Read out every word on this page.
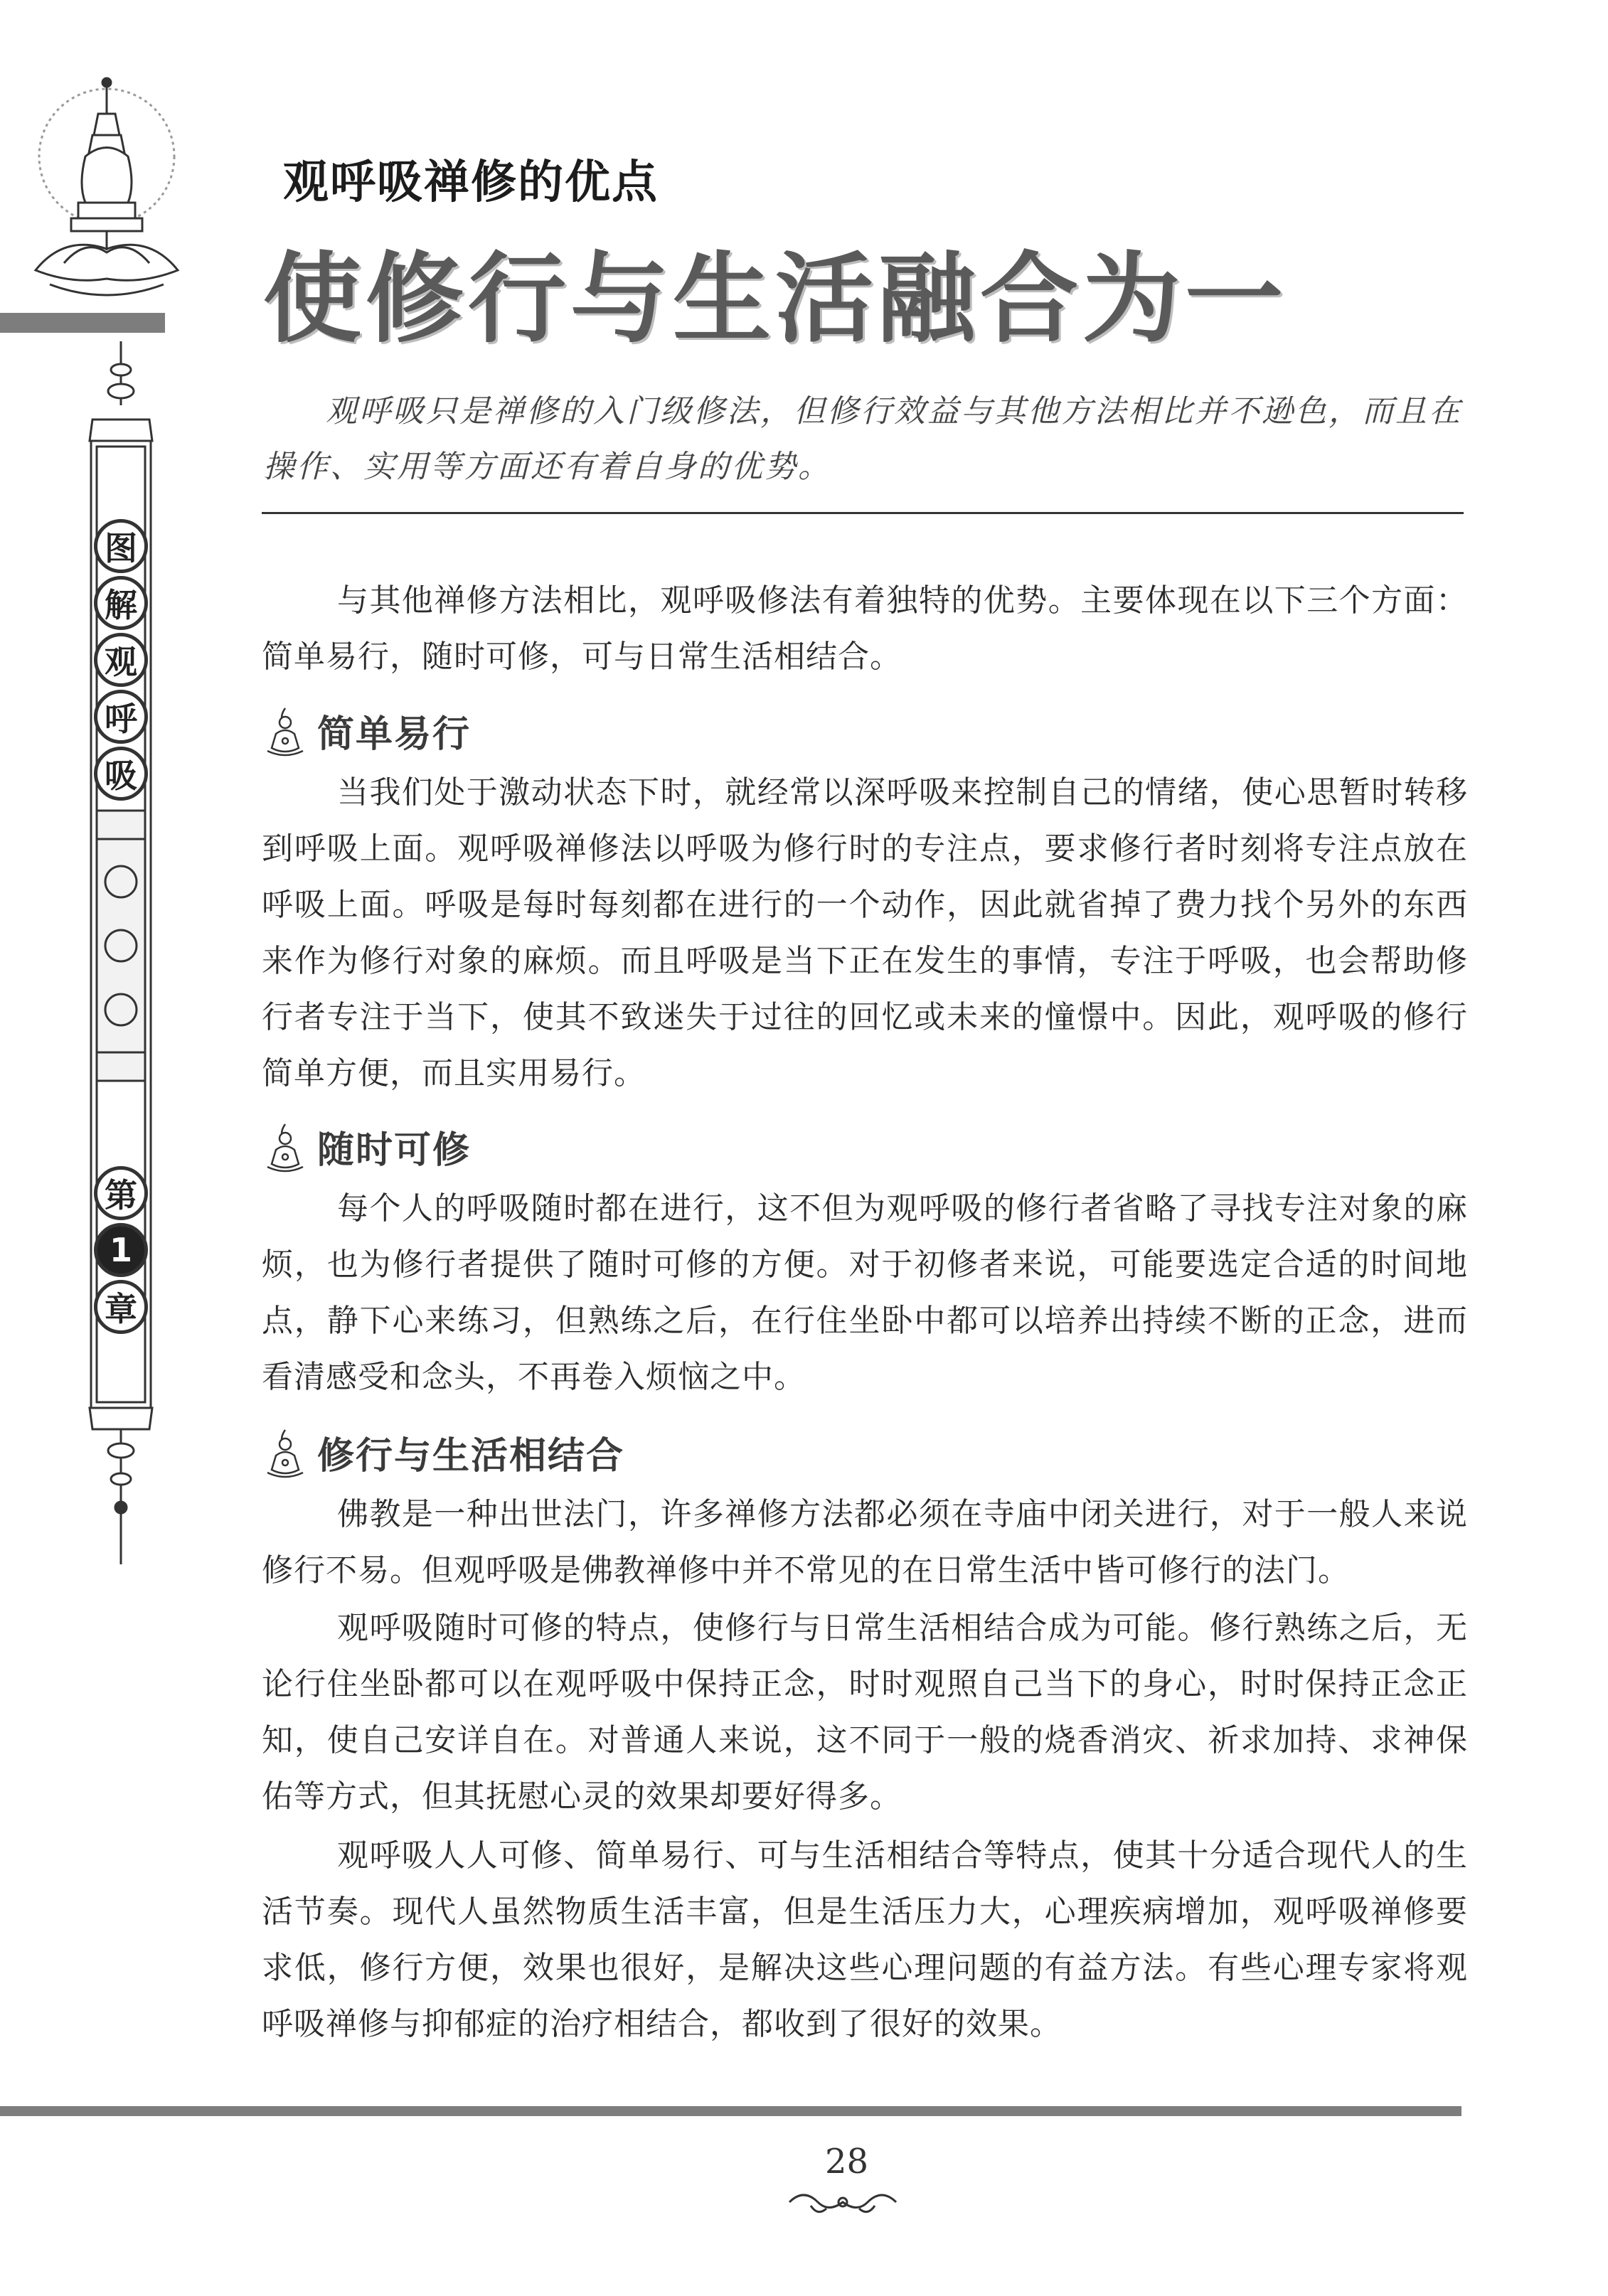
图
解
观
呼
吸
第
1
章
观呼吸禅修的优点
使修行与生活融合为一
观呼吸只是禅修的入门级修法，但修行效益与其他方法相比并不逊色，而且在操作、实用等方面还有着自身的优势。

与其他禅修方法相比，观呼吸修法有着独特的优势。主要体现在以下三个方面：简单易行，随时可修，可与日常生活相结合。

简单易行

当我们处于激动状态下时，就经常以深呼吸来控制自己的情绪，使心思暂时转移到呼吸上面。观呼吸禅修法以呼吸为修行时的专注点，要求修行者时刻将专注点放在呼吸上面。呼吸是每时每刻都在进行的一个动作，因此就省掉了费力找个另外的东西来作为修行对象的麻烦。而且呼吸是当下正在发生的事情，专注于呼吸，也会帮助修行者专注于当下，使其不致迷失于过往的回忆或未来的憧憬中。因此，观呼吸的修行简单方便，而且实用易行。

随时可修

每个人的呼吸随时都在进行，这不但为观呼吸的修行者省略了寻找专注对象的麻烦，也为修行者提供了随时可修的方便。对于初修者来说，可能要选定合适的时间地点，静下心来练习，但熟练之后，在行住坐卧中都可以培养出持续不断的正念，进而看清感受和念头，不再卷入烦恼之中。

修行与生活相结合

佛教是一种出世法门，许多禅修方法都必须在寺庙中闭关进行，对于一般人来说修行不易。但观呼吸是佛教禅修中并不常见的在日常生活中皆可修行的法门。

观呼吸随时可修的特点，使修行与日常生活相结合成为可能。修行熟练之后，无论行住坐卧都可以在观呼吸中保持正念，时时观照自己当下的身心，时时保持正念正知，使自己安详自在。对普通人来说，这不同于一般的烧香消灾、祈求加持、求神保佑等方式，但其抚慰心灵的效果却要好得多。

观呼吸人人可修、简单易行、可与生活相结合等特点，使其十分适合现代人的生活节奏。现代人虽然物质生活丰富，但是生活压力大，心理疾病增加，观呼吸禅修要求低，修行方便，效果也很好，是解决这些心理问题的有益方法。有些心理专家将观呼吸禅修与抑郁症的治疗相结合，都收到了很好的效果。

28
